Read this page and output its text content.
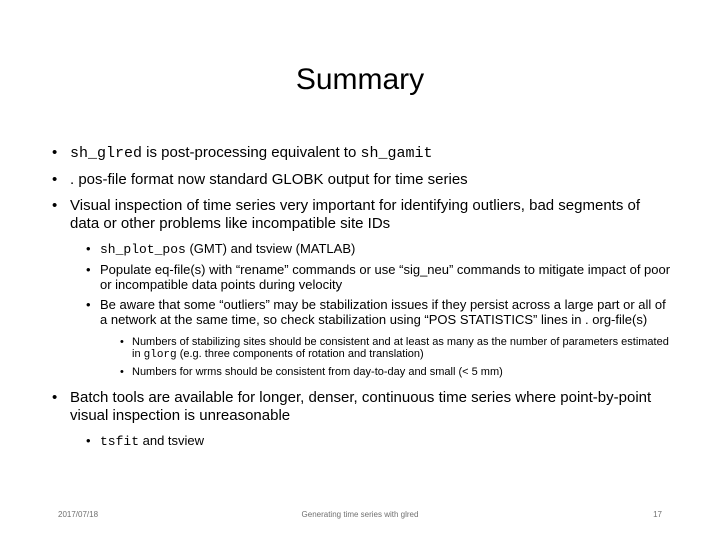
Summary
• sh_glred is post-processing equivalent to sh_gamit
• . pos-file format now standard GLOBK output for time series
• Visual inspection of time series very important for identifying outliers, bad segments of data or other problems like incompatible site IDs
• sh_plot_pos (GMT) and tsview (MATLAB)
• Populate eq-file(s) with “rename” commands or use “sig_neu” commands to mitigate impact of poor or incompatible data points during velocity
• Be aware that some “outliers” may be stabilization issues if they persist across a large part or all of a network at the same time, so check stabilization using “POS STATISTICS” lines in . org-file(s)
• Numbers of stabilizing sites should be consistent and at least as many as the number of parameters estimated in glorg (e.g. three components of rotation and translation)
• Numbers for wrms should be consistent from day-to-day and small (< 5 mm)
• Batch tools are available for longer, denser, continuous time series where point-by-point visual inspection is unreasonable
• tsfit and tsview
2017/07/18	Generating time series with glred	17
